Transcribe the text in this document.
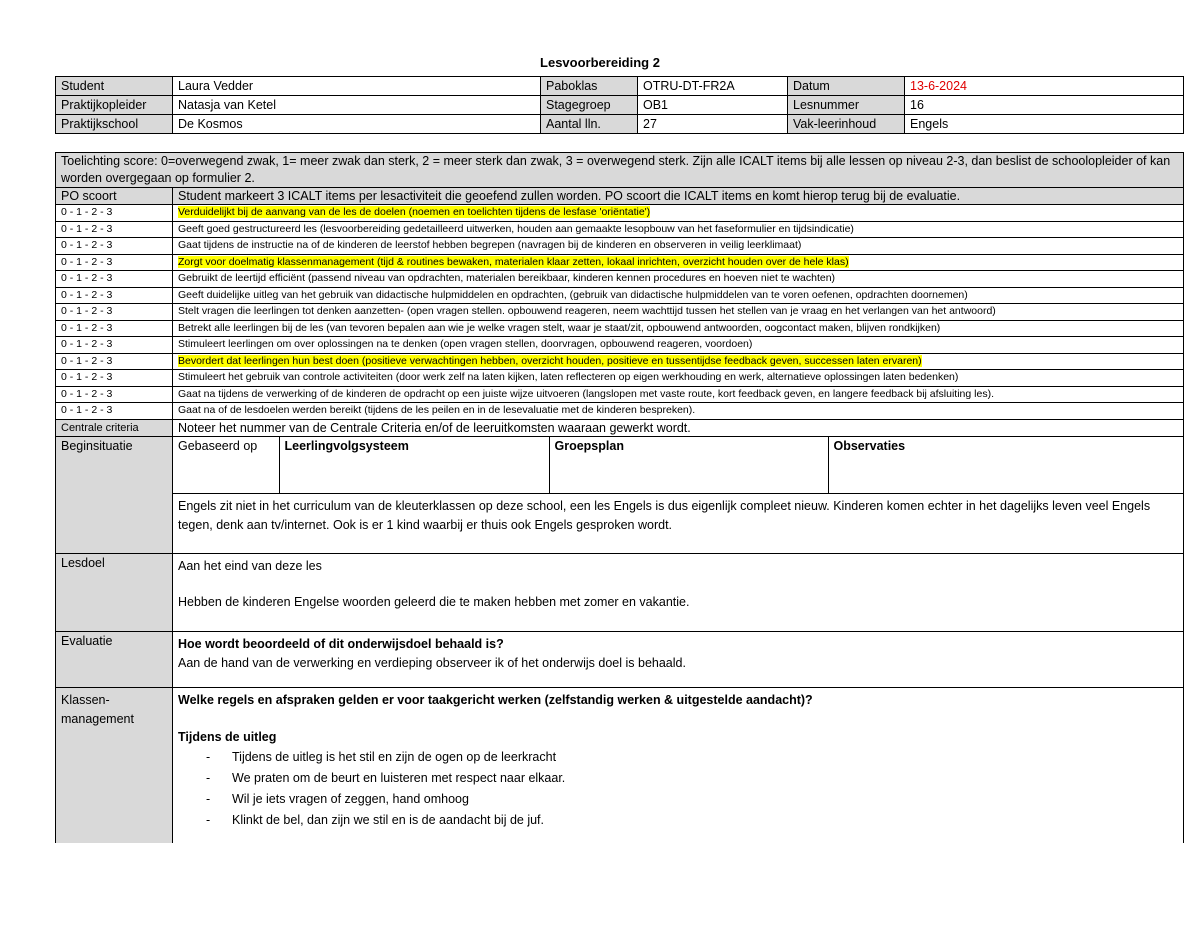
Lesvoorbereiding 2
Student	Laura Vedder	Paboklas	OTRU-DT-FR2A	Datum	13-6-2024
Praktijkopleider	Natasja van Ketel	Stagegroep	OB1	Lesnummer	16
Praktijkschool	De Kosmos	Aantal lln.	27	Vak-leerinhoud	Engels
Toelichting score: 0=overwegend zwak, 1= meer zwak dan sterk, 2 = meer sterk dan zwak, 3 = overwegend sterk. Zijn alle ICALT items bij alle lessen op niveau 2-3, dan beslist de schoolopleider of kan worden overgegaan op formulier 2.
PO scoort	Student markeert 3 ICALT items per lesactiviteit die geoefend zullen worden. PO scoort die ICALT items en komt hierop terug bij de evaluatie.
0 - 1 - 2 - 3	Verduidelijkt bij de aanvang van de les de doelen (noemen en toelichten tijdens de lesfase 'oriëntatie')
0 - 1 - 2 - 3	Geeft goed gestructureerd les (lesvoorbereiding gedetailleerd uitwerken, houden aan gemaakte lesopbouw van het faseformulier en tijdsindicatie)
0 - 1 - 2 - 3	Gaat tijdens de instructie na of de kinderen de leerstof hebben begrepen (navragen bij de kinderen en observeren in veilig leerklimaat)
0 - 1 - 2 - 3	Zorgt voor doelmatig klassenmanagement (tijd & routines bewaken, materialen klaar zetten, lokaal inrichten, overzicht houden over de hele klas)
0 - 1 - 2 - 3	Gebruikt de leertijd efficiënt (passend niveau van opdrachten, materialen bereikbaar, kinderen kennen procedures en hoeven niet te wachten)
0 - 1 - 2 - 3	Geeft duidelijke uitleg van het gebruik van didactische hulpmiddelen en opdrachten, (gebruik van didactische hulpmiddelen van te voren oefenen, opdrachten doornemen)
0 - 1 - 2 - 3	Stelt vragen die leerlingen tot denken aanzetten- (open vragen stellen. opbouwend reageren, neem wachttijd tussen het stellen van je vraag en het verlangen van het antwoord)
0 - 1 - 2 - 3	Betrekt alle leerlingen bij de les (van tevoren bepalen aan wie je welke vragen stelt, waar je staat/zit, opbouwend antwoorden, oogcontact maken, blijven rondkijken)
0 - 1 - 2 - 3	Stimuleert leerlingen om over oplossingen na te denken (open vragen stellen, doorvragen, opbouwend reageren, voordoen)
0 - 1 - 2 - 3	Bevordert dat leerlingen hun best doen (positieve verwachtingen hebben, overzicht houden, positieve en tussentijdse feedback geven, successen laten ervaren)
0 - 1 - 2 - 3	Stimuleert het gebruik van controle activiteiten (door werk zelf na laten kijken, laten reflecteren op eigen werkhouding en werk, alternatieve oplossingen laten bedenken)
0 - 1 - 2 - 3	Gaat na tijdens de verwerking of de kinderen de opdracht op een juiste wijze uitvoeren (langslopen met vaste route, kort feedback geven, en langere feedback bij afsluiting les).
0 - 1 - 2 - 3	Gaat na of de lesdoelen werden bereikt (tijdens de les peilen en in de lesevaluatie met de kinderen bespreken).
Centrale criteria	Noteer het nummer van de Centrale Criteria en/of de leeruitkomsten waaraan gewerkt wordt.
Beginsituatie		Gebaseerd op	Leerlingvolgsysteem	Groepsplan	Observaties
Engels zit niet in het curriculum van de kleuterklassen op deze school, een les Engels is dus eigenlijk compleet nieuw. Kinderen komen echter in het dagelijks leven veel Engels tegen, denk aan tv/internet. Ook is er 1 kind waarbij er thuis ook Engels gesproken wordt.

Lesdoel	Aan het eind van deze les
Hebben de kinderen Engelse woorden geleerd die te maken hebben met zomer en vakantie.

Evaluatie	Hoe wordt beoordeeld of dit onderwijsdoel behaald is?
Aan de hand van de verwerking en verdieping observeer ik of het onderwijs doel is behaald.

Klassen-
management

Welke regels en afspraken gelden er voor taakgericht werken (zelfstandig werken & uitgestelde aandacht)?
Tijdens de uitleg
- Tijdens de uitleg is het stil en zijn de ogen op de leerkracht
- We praten om de beurt en luisteren met respect naar elkaar.
- Wil je iets vragen of zeggen, hand omhoog
- Klinkt de bel, dan zijn we stil en is de aandacht bij de juf.
